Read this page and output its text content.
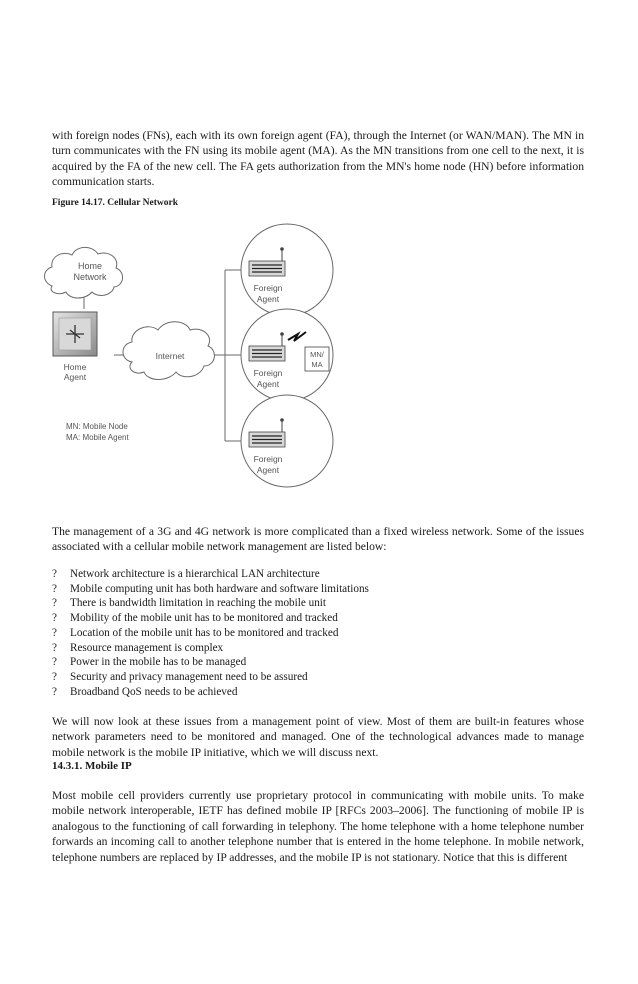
with foreign nodes (FNs), each with its own foreign agent (FA), through the Internet (or WAN/MAN). The MN in turn communicates with the FN using its mobile agent (MA). As the MN transitions from one cell to the next, it is acquired by the FA of the new cell. The FA gets authorization from the MN's home node (HN) before information communication starts.

Figure 14.17. Cellular Network

Home
Network
Home
Agent
Internet
Foreign
Agent
MN/
MA
Foreign
Agent
Foreign
Agent
MN: Mobile Node
MA: Mobile Agent

The management of a 3G and 4G network is more complicated than a fixed wireless network. Some of the issues associated with a cellular mobile network management are listed below:

? Network architecture is a hierarchical LAN architecture
? Mobile computing unit has both hardware and software limitations
? There is bandwidth limitation in reaching the mobile unit
? Mobility of the mobile unit has to be monitored and tracked
? Location of the mobile unit has to be monitored and tracked
? Resource management is complex
? Power in the mobile has to be managed
? Security and privacy management need to be assured
? Broadband QoS needs to be achieved

We will now look at these issues from a management point of view. Most of them are built-in features whose network parameters need to be monitored and managed. One of the technological advances made to manage mobile network is the mobile IP initiative, which we will discuss next.

14.3.1. Mobile IP

Most mobile cell providers currently use proprietary protocol in communicating with mobile units. To make mobile network interoperable, IETF has defined mobile IP [RFCs 2003–2006]. The functioning of mobile IP is analogous to the functioning of call forwarding in telephony. The home telephone with a home telephone number forwards an incoming call to another telephone number that is entered in the home telephone. In mobile network, telephone numbers are replaced by IP addresses, and the mobile IP is not stationary. Notice that this is different
